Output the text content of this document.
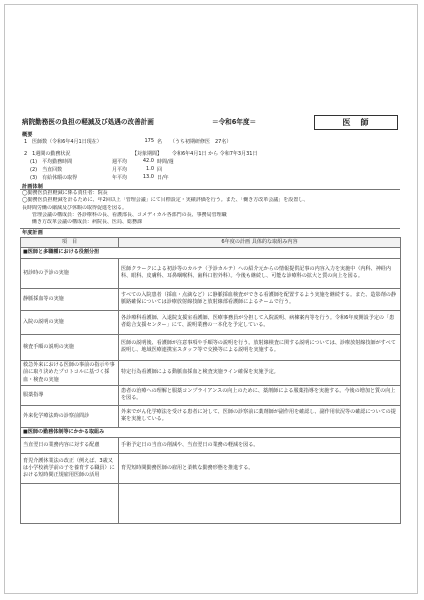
病院勤務医の負担の軽減及び処遇の改善計画	＝令和6年度＝	医　師
概要
1　医師数（令和6年4月1日現在）	175 名 （うち初期研修医　27名）
2　1週間の勤務状況	【対象期間】 令和6年4月1日 から 令和7年3月31日
(1)　平均勤務時間	週平均	42.0 時間/週
(2)　当直回数	月平均	1.0 回
(3)　有給休暇の取得	年平均	13.0 日/年
計画体制
◯勤務医負担軽減に係る責任者：院長
◯勤務医負担軽減を計るために、年2回以上「管理会議」にて目標設定・実績評価を行う。また、「働き方改革会議」を設置し、
長時間労働の縮減及び休暇の取得促進を図る。
　　管理会議の構成員：各診療科の長、看護部長、コメディカル各部門の長、事務局管理職
　　働き方改革会議の構成員：病院長、医局、総務課
年度計画
項　目	6年度の計画 具体的な取組み内容
■医師と多職種における役割分担	
初診時の予診の実施	医師クラークによる初診等のカルテ（予診カルテ）への紹介元からの情報提供記事の内容入力を実施中（内科、神経内科、眼科、皮膚科、耳鼻咽喉科、歯科口腔外科）。今後も継続し、可能な診療科の拡大と質の向上を図る。
静脈採血等の実施	すべての入院患者（採血・点滴など）に静脈採血検査ができる看護師を配置するよう実施を継続する。また、造影剤の静脈路確保については診療放射線技師と放射線部看護師によるチームで行う。
入院の説明の実施	各診療科看護師、入退院支援室看護師、医療事務員が分担して入院説明、病棟案内等を行う。令和6年度開設予定の「患者総合支援センター」にて、説明業務の一本化を予定している。
検査手順の説明の実施	医師の説明後、看護師が注意事項や手順等の説明を行う。放射線検査に関する説明については、診療放射線技師がすべて説明し、地域医療連携室スタッフ等で交換等による説明を実施する。
救急外来における医師の事前の指示や事前に取り決めたプロトコルに基づく採血・検査の実施	特定行為看護師による動脈血採血と検査実施ライン確保を実施予定。
服薬指導	患者の治療への理解と服薬コンプライアンスの向上のために、薬剤師による服薬指導を実施する。今後の増加と質の向上を図る。
外来化学療法時の診察前問診	外来でがん化学療法を受ける患者に対して、医師の診察前に薬剤師が副作用を確認し、副作用状況等の確認についての提案を実施している。
■医師の勤務体制等にかかる取組み	
当直翌日の業務内容に対する配慮	手術予定日の当直の削減や、当直翌日の業務の軽減を図る。
育児介護休業法の改正（例えば、3歳又は小学校就学前の子を養育する職員）における短時間正規雇用医師の活用	育児短時間勤務医師の雇用と柔軟な勤務形態を推進する。
